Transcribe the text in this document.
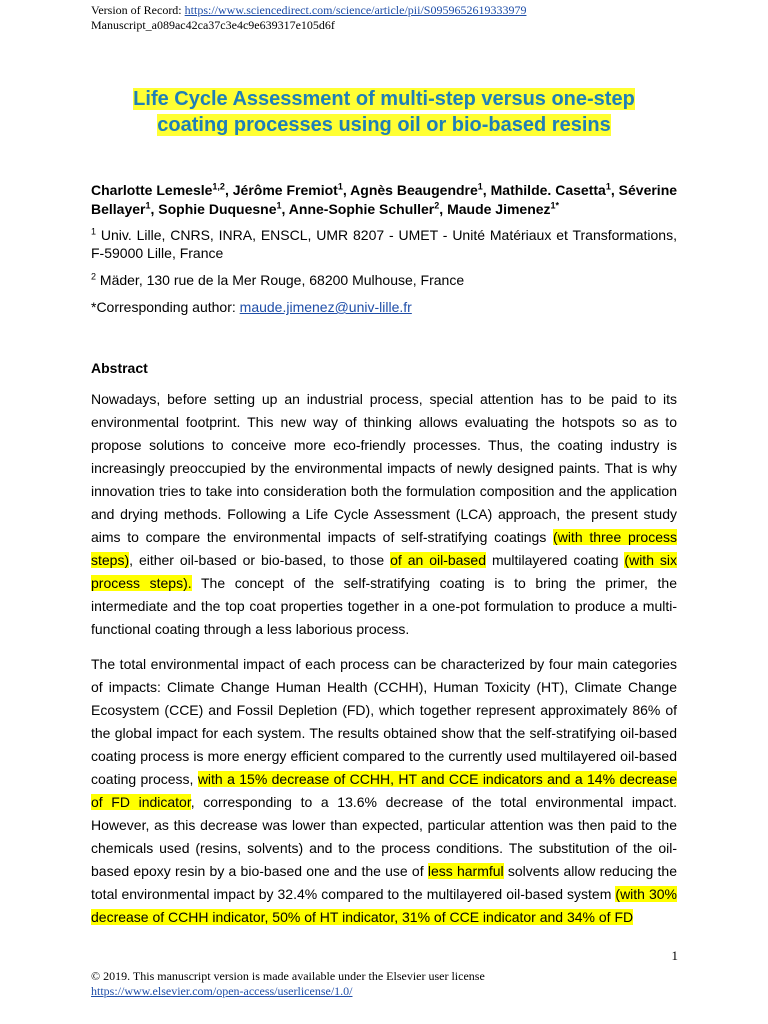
Version of Record: https://www.sciencedirect.com/science/article/pii/S0959652619333979
Manuscript_a089ac42ca37c3e4c9e639317e105d6f
Life Cycle Assessment of multi-step versus one-step
coating processes using oil or bio-based resins
Charlotte Lemesle$^{1,2}$, Jérôme Fremiot$^1$, Agnès Beaugendre$^1$, Mathilde. Casetta$^1$, Séverine Bellayer$^1$, Sophie Duquesne$^1$, Anne-Sophie Schuller$^2$, Maude Jimenez$^{1*}$
$^1$ Univ. Lille, CNRS, INRA, ENSCL, UMR 8207 - UMET - Unité Matériaux et Transformations, F-59000 Lille, France
$^2$ Mäder, 130 rue de la Mer Rouge, 68200 Mulhouse, France
*Corresponding author: maude.jimenez@univ-lille.fr
Abstract
Nowadays, before setting up an industrial process, special attention has to be paid to its environmental footprint. This new way of thinking allows evaluating the hotspots so as to propose solutions to conceive more eco-friendly processes. Thus, the coating industry is increasingly preoccupied by the environmental impacts of newly designed paints. That is why innovation tries to take into consideration both the formulation composition and the application and drying methods. Following a Life Cycle Assessment (LCA) approach, the present study aims to compare the environmental impacts of self-stratifying coatings (with three process steps), either oil-based or bio-based, to those of an oil-based multilayered coating (with six process steps). The concept of the self-stratifying coating is to bring the primer, the intermediate and the top coat properties together in a one-pot formulation to produce a multi-functional coating through a less laborious process.
The total environmental impact of each process can be characterized by four main categories of impacts: Climate Change Human Health (CCHH), Human Toxicity (HT), Climate Change Ecosystem (CCE) and Fossil Depletion (FD), which together represent approximately 86% of the global impact for each system. The results obtained show that the self-stratifying oil-based coating process is more energy efficient compared to the currently used multilayered oil-based coating process, with a 15% decrease of CCHH, HT and CCE indicators and a 14% decrease of FD indicator, corresponding to a 13.6% decrease of the total environmental impact. However, as this decrease was lower than expected, particular attention was then paid to the chemicals used (resins, solvents) and to the process conditions. The substitution of the oil-based epoxy resin by a bio-based one and the use of less harmful solvents allow reducing the total environmental impact by 32.4% compared to the multilayered oil-based system (with 30% decrease of CCHH indicator, 50% of HT indicator, 31% of CCE indicator and 34% of FD
1
© 2019. This manuscript version is made available under the Elsevier user license
https://www.elsevier.com/open-access/userlicense/1.0/
